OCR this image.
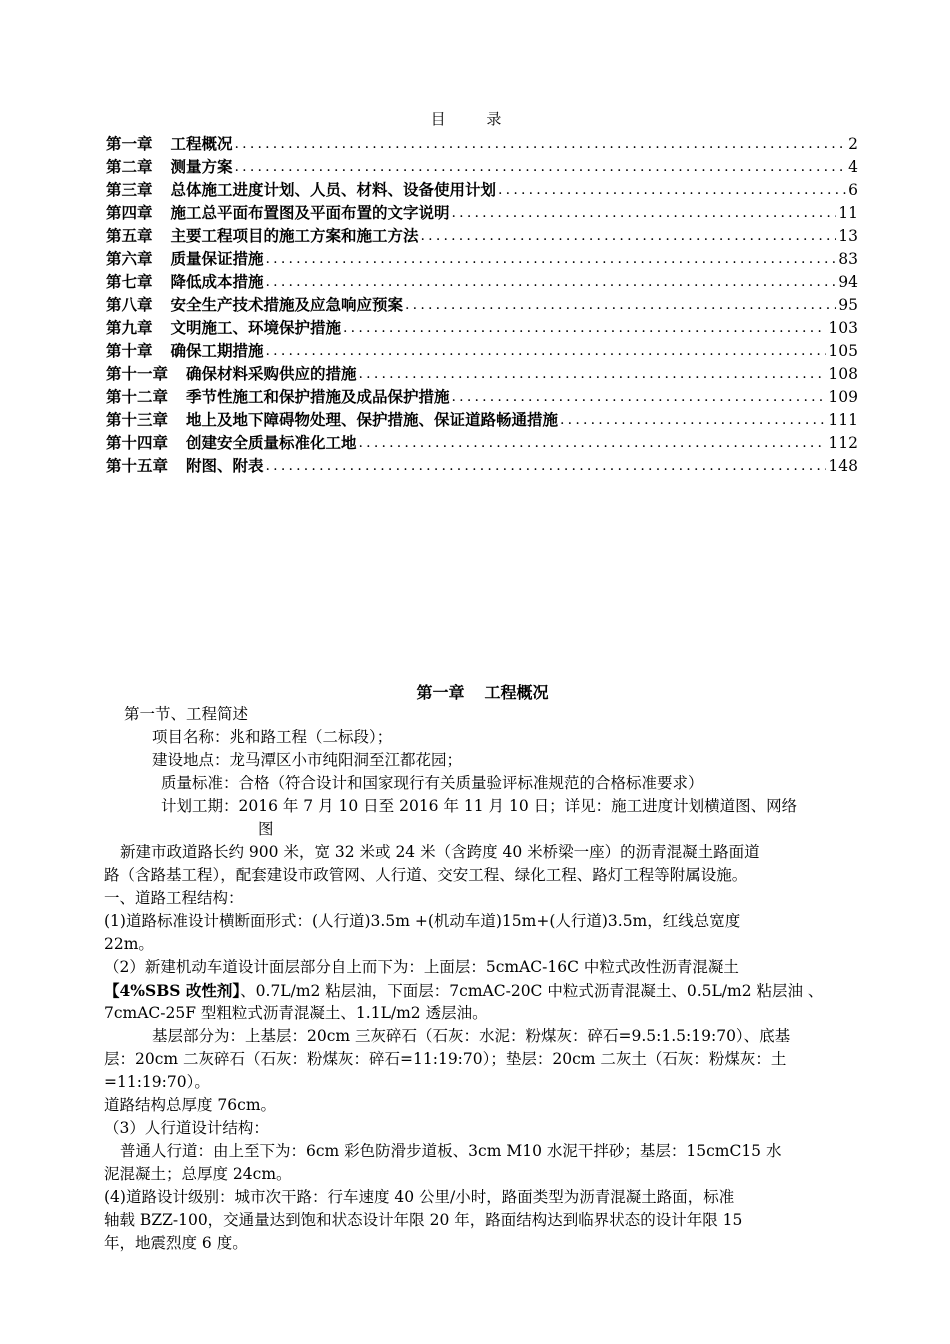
目 录
第一章 工程概况 .....	2
第二章 测量方案 .....	4
第三章 总体施工进度计划、人员、材料、设备使用计划 .....	6
第四章 施工总平面布置图及平面布置的文字说明 .....	11
第五章 主要工程项目的施工方案和施工方法 .....	13
第六章 质量保证措施 .....	83
第七章 降低成本措施 .....	94
第八章 安全生产技术措施及应急响应预案 .....	95
第九章 文明施工、环境保护措施 .....	103
第十章 确保工期措施 .....	105
第十一章 确保材料采购供应的措施 .....	108
第十二章 季节性施工和保护措施及成品保护措施 .....	109
第十三章 地上及地下障碍物处理、保护措施、保证道路畅通措施 .....	111
第十四章 创建安全质量标准化工地 .....	112
第十五章 附图、附表 .....	148
第一章 工程概况
第一节、工程简述
项目名称：兆和路工程（二标段）；
建设地点：龙马潭区小市纯阳洞至江都花园；
质量标准：合格（符合设计和国家现行有关质量验评标准规范的合格标准要求）
计划工期：2016 年 7 月 10 日至 2016 年 11 月 10 日；详见：施工进度计划横道图、网络
图
新建市政道路长约 900 米，宽 32 米或 24 米（含跨度 40 米桥梁一座）的沥青混凝土路面道
路（含路基工程），配套建设市政管网、人行道、交安工程、绿化工程、路灯工程等附属设施。
一、道路工程结构：
(1)道路标准设计横断面形式：(人行道)3.5m +(机动车道)15m+(人行道)3.5m，红线总宽度
22m。
（2）新建机动车道设计面层部分自上而下为：上面层：5cmAC-16C 中粒式改性沥青混凝土
【4%SBS 改性剂】、0.7L/m2 粘层油，下面层：7cmAC-20C 中粒式沥青混凝土、0.5L/m2 粘层油 、
7cmAC-25F 型粗粒式沥青混凝土、1.1L/m2 透层油。
基层部分为：上基层：20cm 三灰碎石（石灰：水泥：粉煤灰：碎石=9.5:1.5:19:70）、底基
层：20cm 二灰碎石（石灰：粉煤灰：碎石=11:19:70）；垫层：20cm 二灰土（石灰：粉煤灰：土
=11:19:70）。
道路结构总厚度 76cm。
（3）人行道设计结构：
普通人行道：由上至下为：6cm 彩色防滑步道板、3cm M10 水泥干拌砂；基层：15cmC15 水
泥混凝土；总厚度 24cm。
(4)道路设计级别：城市次干路：行车速度 40 公里/小时，路面类型为沥青混凝土路面，标准
轴载 BZZ-100，交通量达到饱和状态设计年限 20 年，路面结构达到临界状态的设计年限 15
年，地震烈度 6 度。
